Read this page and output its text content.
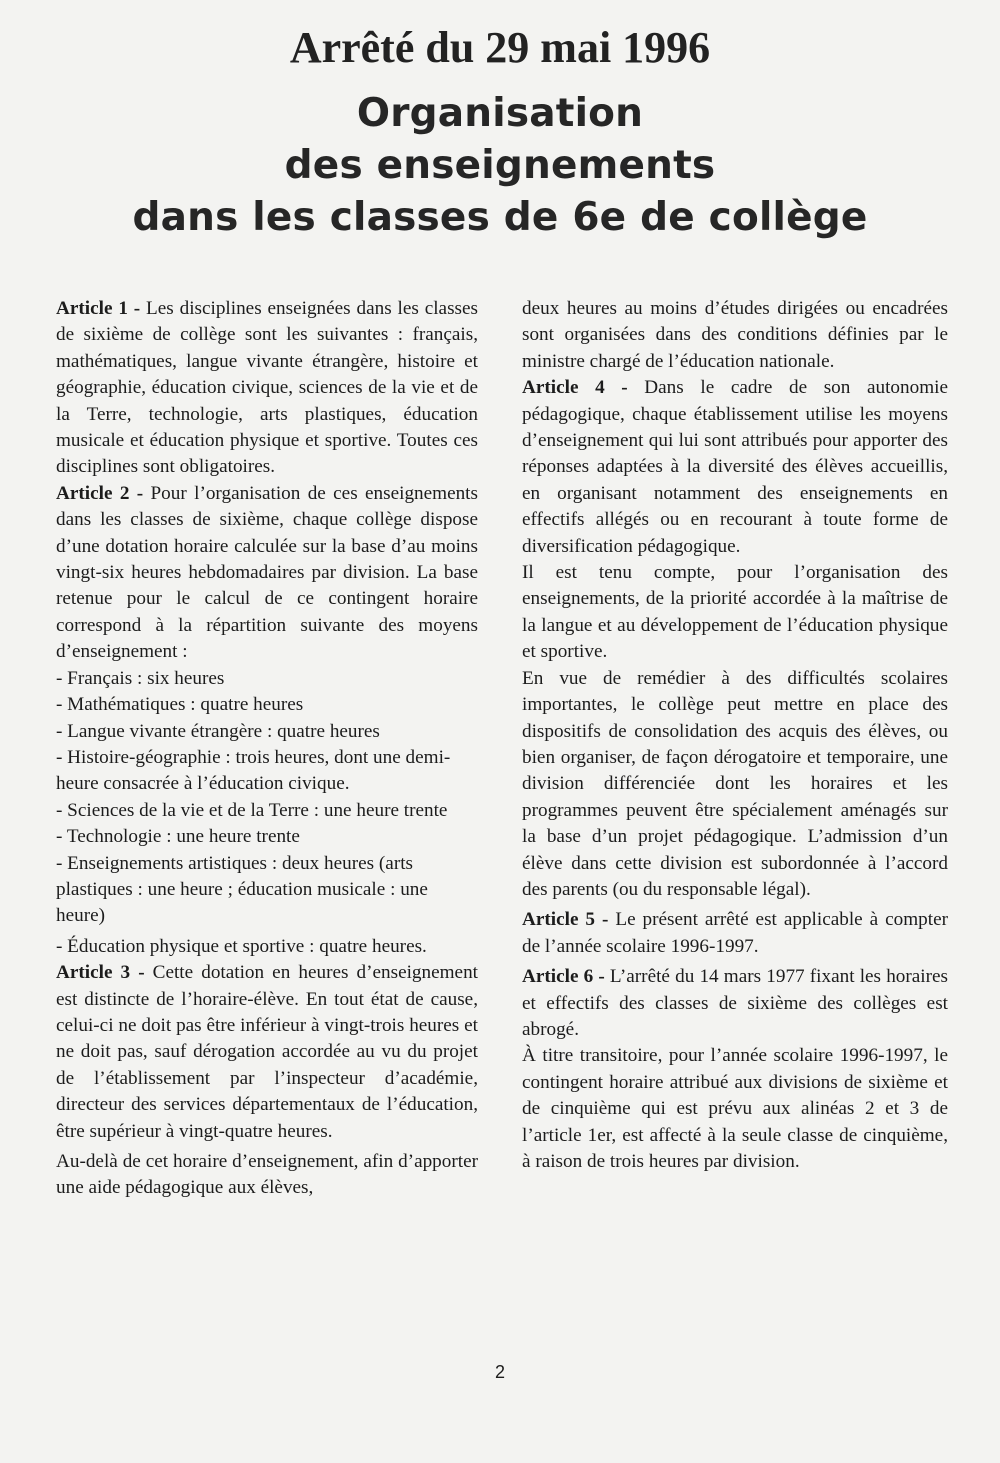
Arrêté du 29 mai 1996
Organisation
des enseignements
dans les classes de 6e de collège

Article 1 - Les disciplines enseignées dans les classes de sixième de collège sont les suivantes : français, mathématiques, langue vivante étrangère, histoire et géographie, éducation civique, sciences de la vie et de la Terre, technologie, arts plastiques, éducation musicale et éducation physique et sportive. Toutes ces disciplines sont obligatoires.

Article 2 - Pour l’organisation de ces enseignements dans les classes de sixième, chaque collège dispose d’une dotation horaire calculée sur la base d’au moins vingt-six heures hebdomadaires par division. La base retenue pour le calcul de ce contingent horaire correspond à la répartition suivante des moyens d’enseignement :

- Français : six heures

- Mathématiques : quatre heures

- Langue vivante étrangère : quatre heures

- Histoire-géographie : trois heures, dont une demi-heure consacrée à l’éducation civique.

- Sciences de la vie et de la Terre : une heure trente

- Technologie : une heure trente

- Enseignements artistiques : deux heures (arts plastiques : une heure ; éducation musicale : une heure)

- Éducation physique et sportive : quatre heures.

Article 3 - Cette dotation en heures d’enseignement est distincte de l’horaire-élève. En tout état de cause, celui-ci ne doit pas être inférieur à vingt-trois heures et ne doit pas, sauf dérogation accordée au vu du projet de l’établissement par l’inspecteur d’académie, directeur des services départementaux de l’éducation, être supérieur à vingt-quatre heures.

Au-delà de cet horaire d’enseignement, afin d’apporter une aide pédagogique aux élèves,

deux heures au moins d’études dirigées ou encadrées sont organisées dans des conditions définies par le ministre chargé de l’éducation nationale.

Article 4 - Dans le cadre de son autonomie pédagogique, chaque établissement utilise les moyens d’enseignement qui lui sont attribués pour apporter des réponses adaptées à la diversité des élèves accueillis, en organisant notamment des enseignements en effectifs allégés ou en recourant à toute forme de diversification pédagogique.

Il est tenu compte, pour l’organisation des enseignements, de la priorité accordée à la maîtrise de la langue et au développement de l’éducation physique et sportive.

En vue de remédier à des difficultés scolaires importantes, le collège peut mettre en place des dispositifs de consolidation des acquis des élèves, ou bien organiser, de façon dérogatoire et temporaire, une division différenciée dont les horaires et les programmes peuvent être spécialement aménagés sur la base d’un projet pédagogique. L’admission d’un élève dans cette division est subordonnée à l’accord des parents (ou du responsable légal).

Article 5 - Le présent arrêté est applicable à compter de l’année scolaire 1996-1997.

Article 6 - L’arrêté du 14 mars 1977 fixant les horaires et effectifs des classes de sixième des collèges est abrogé.

À titre transitoire, pour l’année scolaire 1996-1997, le contingent horaire attribué aux divisions de sixième et de cinquième qui est prévu aux alinéas 2 et 3 de l’article 1er, est affecté à la seule classe de cinquième, à raison de trois heures par division.

2
